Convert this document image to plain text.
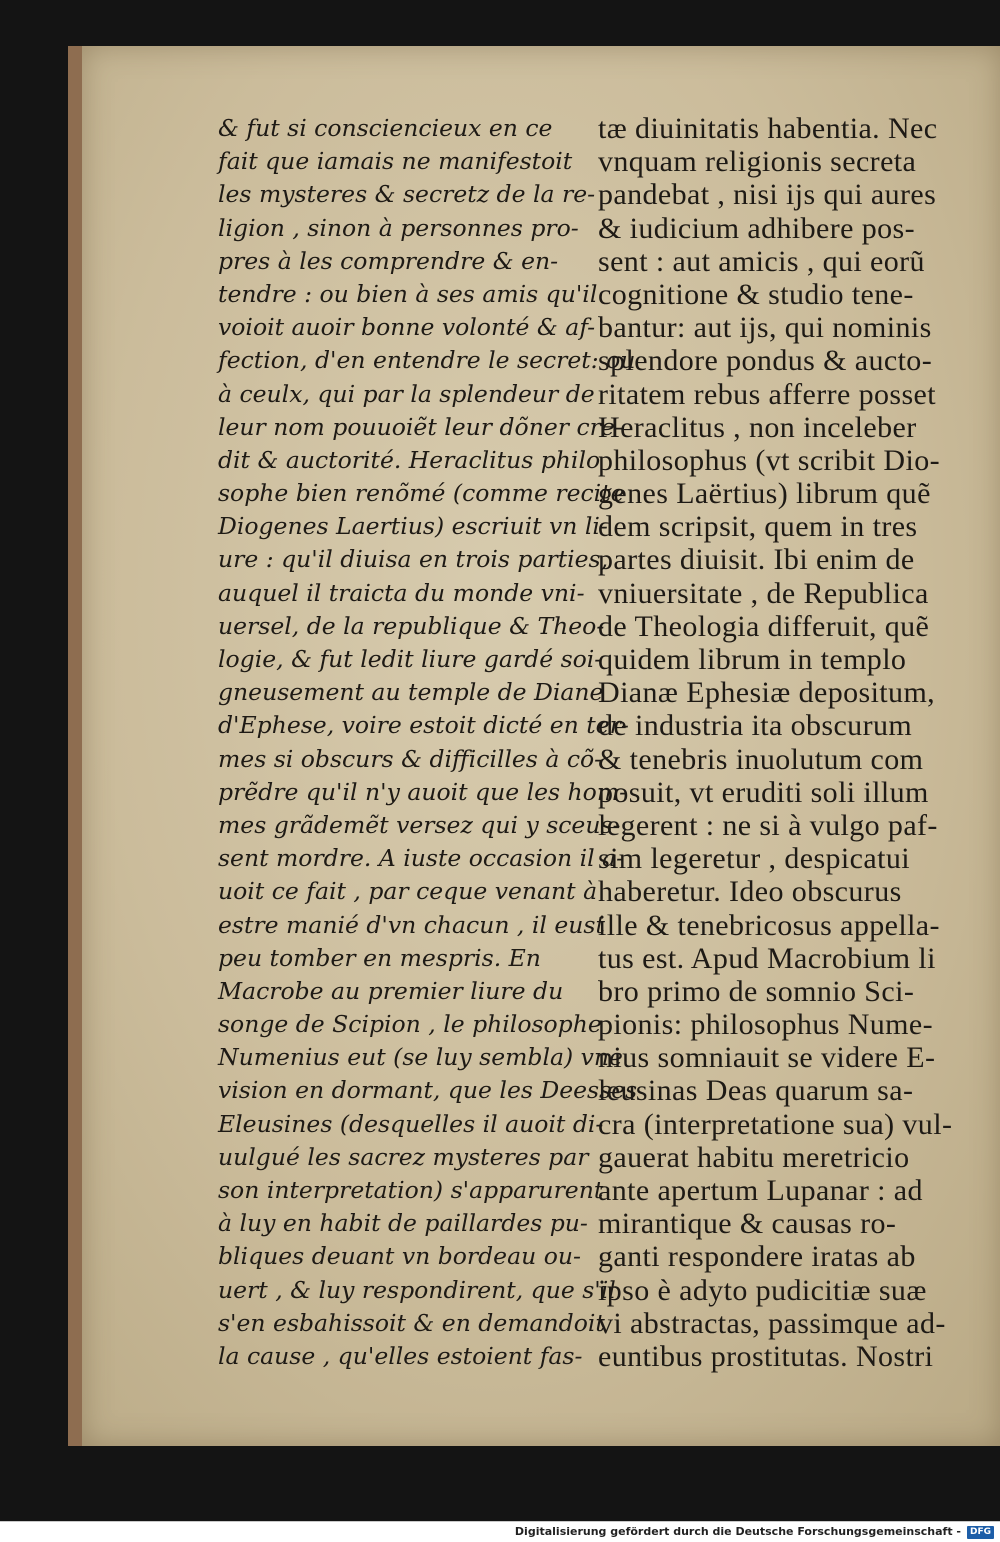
& fut si consciencieux en ce
fait que iamais ne manifestoit
les mysteres & secretz de la re-
ligion , sinon à personnes pro-
pres à les comprendre & en-
tendre : ou bien à ses amis qu'il
voioit auoir bonne volonté & af-
fection, d'en entendre le secret: ou
à ceulx, qui par la splendeur de
leur nom pouuoiẽt leur dõner cre-
dit & auctorité. Heraclitus philo
sophe bien renõmé (comme recite
Diogenes Laertius) escriuit vn li-
ure : qu'il diuisa en trois parties,
auquel il traicta du monde vni-
uersel, de la republique & Theo-
logie, & fut ledit liure gardé soi-
gneusement au temple de Diane
d'Ephese, voire estoit dicté en ter-
mes si obscurs & difficilles à cõ-
prẽdre qu'il n'y auoit que les hom-
mes grãdemẽt versez qui y sceus-
sent mordre. A iuste occasion il a-
uoit ce fait , par ceque venant à
estre manié d'vn chacun , il eust
peu tomber en mespris. En
Macrobe au premier liure du
songe de Scipion , le philosophe
Numenius eut (se luy sembla) vne
vision en dormant, que les Deesses
Eleusines (desquelles il auoit di-
uulgué les sacrez mysteres par
son interpretation) s'apparurent
à luy en habit de paillardes pu-
bliques deuant vn bordeau ou-
uert , & luy respondirent, que s'il
s'en esbahissoit & en demandoit
la cause , qu'elles estoient fas-
tæ diuinitatis habentia. Nec
vnquam religionis secreta
pandebat , nisi ijs qui aures
& iudicium adhibere pos-
sent : aut amicis , qui eorũ
cognitione & studio tene-
bantur: aut ijs, qui nominis
splendore pondus & aucto-
ritatem rebus afferre posset
Heraclitus , non inceleber
philosophus (vt scribit Dio-
genes Laërtius) librum quẽ
dem scripsit, quem in tres
partes diuisit. Ibi enim de
vniuersitate , de Republica
de Theologia differuit, quẽ
quidem librum in templo
Dianæ Ephesiæ depositum,
de industria ita obscurum
& tenebris inuolutum com
posuit, vt eruditi soli illum
legerent : ne si à vulgo paf-
sim legeretur , despicatui
haberetur. Ideo obscurus
ille & tenebricosus appella-
tus est. Apud Macrobium li
bro primo de somnio Sci-
pionis: philosophus Nume-
nius somniauit se videre E-
leusinas Deas quarum sa-
cra (interpretatione sua) vul-
gauerat habitu meretricio
ante apertum Lupanar : ad
mirantique & causas ro-
ganti respondere iratas ab
ipso è adyto pudicitiæ suæ
vi abstractas, passimque ad-
euntibus prostitutas. Nostri
Digitalisierung gefördert durch die Deutsche Forschungsgemeinschaft - DFG
